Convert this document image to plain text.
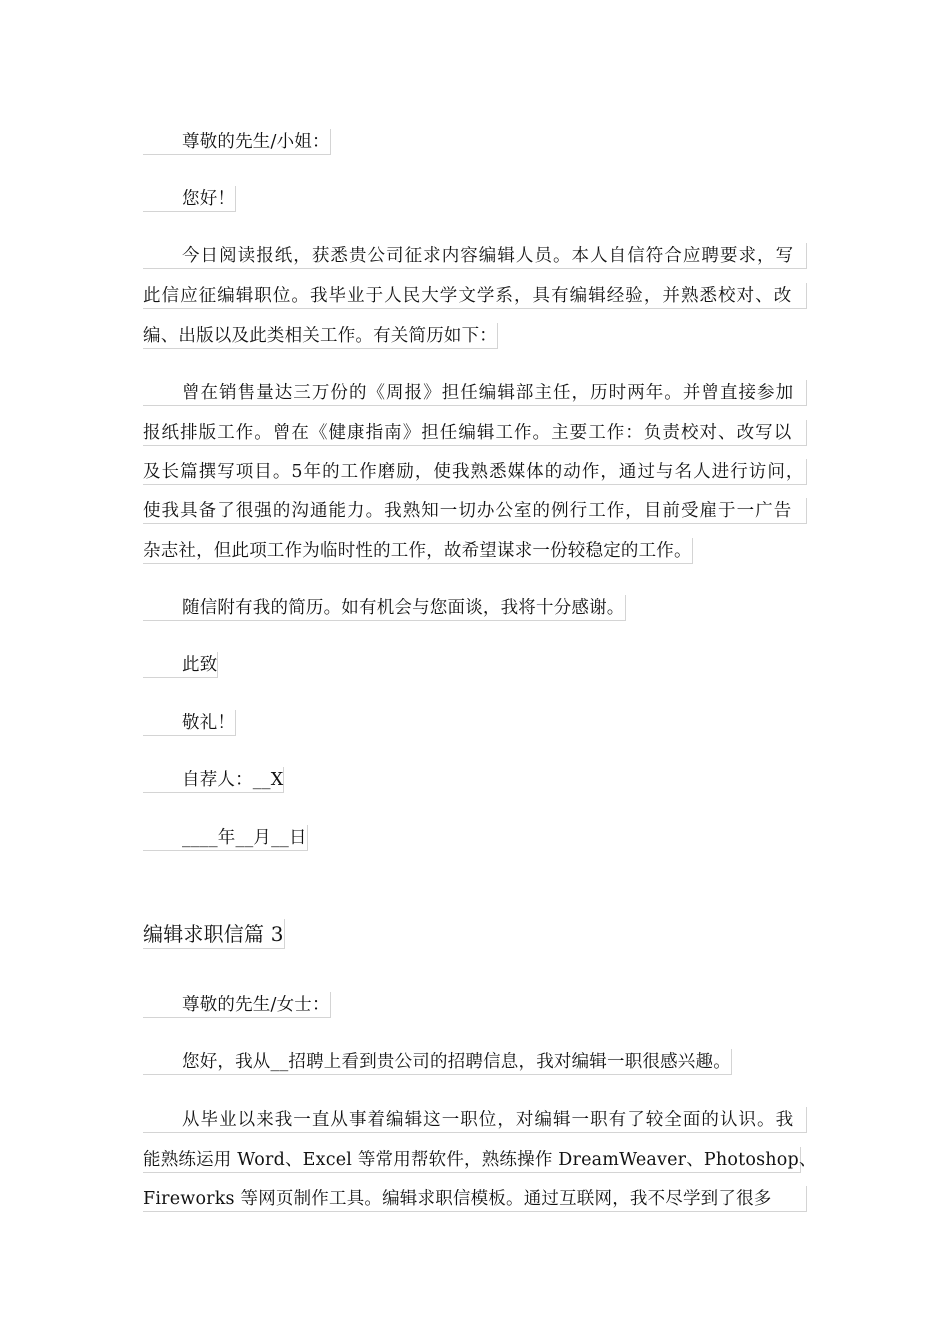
尊敬的先生/小姐：
您好！
今日阅读报纸，获悉贵公司征求内容编辑人员。本人自信符合应聘要求，写
此信应征编辑职位。我毕业于人民大学文学系，具有编辑经验，并熟悉校对、改
编、出版以及此类相关工作。有关简历如下：
曾在销售量达三万份的《周报》担任编辑部主任，历时两年。并曾直接参加
报纸排版工作。曾在《健康指南》担任编辑工作。主要工作：负责校对、改写以
及长篇撰写项目。5年的工作磨励，使我熟悉媒体的动作，通过与名人进行访问，
使我具备了很强的沟通能力。我熟知一切办公室的例行工作，目前受雇于一广告
杂志社，但此项工作为临时性的工作，故希望谋求一份较稳定的工作。
随信附有我的简历。如有机会与您面谈，我将十分感谢。
此致
敬礼！
自荐人：__X
____年__月__日
编辑求职信篇 3
尊敬的先生/女士：
您好，我从__招聘上看到贵公司的招聘信息，我对编辑一职很感兴趣。
从毕业以来我一直从事着编辑这一职位，对编辑一职有了较全面的认识。我
能熟练运用 Word、Excel 等常用帮软件，熟练操作 DreamWeaver、Photoshop、
Fireworks 等网页制作工具。编辑求职信模板。通过互联网，我不尽学到了很多
